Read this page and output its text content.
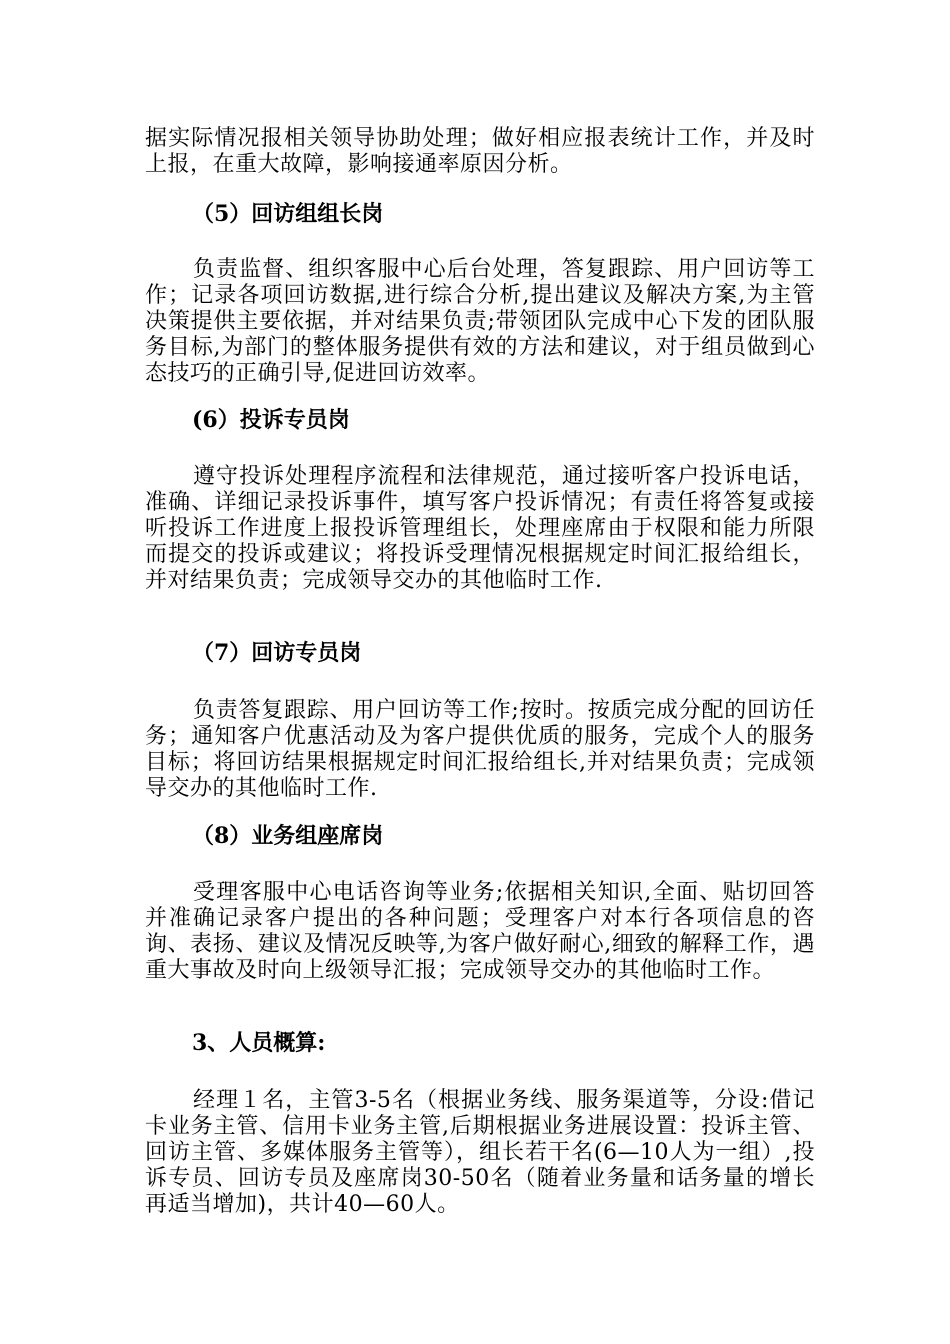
据实际情况报相关领导协助处理；做好相应报表统计工作，并及时上报，在重大故障，影响接通率原因分析。

（5）回访组组长岗

负责监督、组织客服中心后台处理，答复跟踪、用户回访等工作；记录各项回访数据,进行综合分析,提出建议及解决方案,为主管决策提供主要依据，并对结果负责;带领团队完成中心下发的团队服务目标,为部门的整体服务提供有效的方法和建议，对于组员做到心态技巧的正确引导,促进回访效率。

(6）投诉专员岗

遵守投诉处理程序流程和法律规范，通过接听客户投诉电话，准确、详细记录投诉事件，填写客户投诉情况；有责任将答复或接听投诉工作进度上报投诉管理组长，处理座席由于权限和能力所限而提交的投诉或建议；将投诉受理情况根据规定时间汇报给组长，并对结果负责；完成领导交办的其他临时工作.

（7）回访专员岗

负责答复跟踪、用户回访等工作;按时。按质完成分配的回访任务；通知客户优惠活动及为客户提供优质的服务，完成个人的服务目标；将回访结果根据规定时间汇报给组长,并对结果负责；完成领导交办的其他临时工作.

（8）业务组座席岗

受理客服中心电话咨询等业务;依据相关知识,全面、贴切回答并准确记录客户提出的各种问题；受理客户对本行各项信息的咨询、表扬、建议及情况反映等,为客户做好耐心,细致的解释工作，遇重大事故及时向上级领导汇报；完成领导交办的其他临时工作。

3、人员概算:

经理１名，主管3-5名（根据业务线、服务渠道等，分设:借记卡业务主管、信用卡业务主管,后期根据业务进展设置：投诉主管、回访主管、多媒体服务主管等），组长若干名(6—10人为一组）,投诉专员、回访专员及座席岗30-50名（随着业务量和话务量的增长再适当增加)，共计40—60人。
